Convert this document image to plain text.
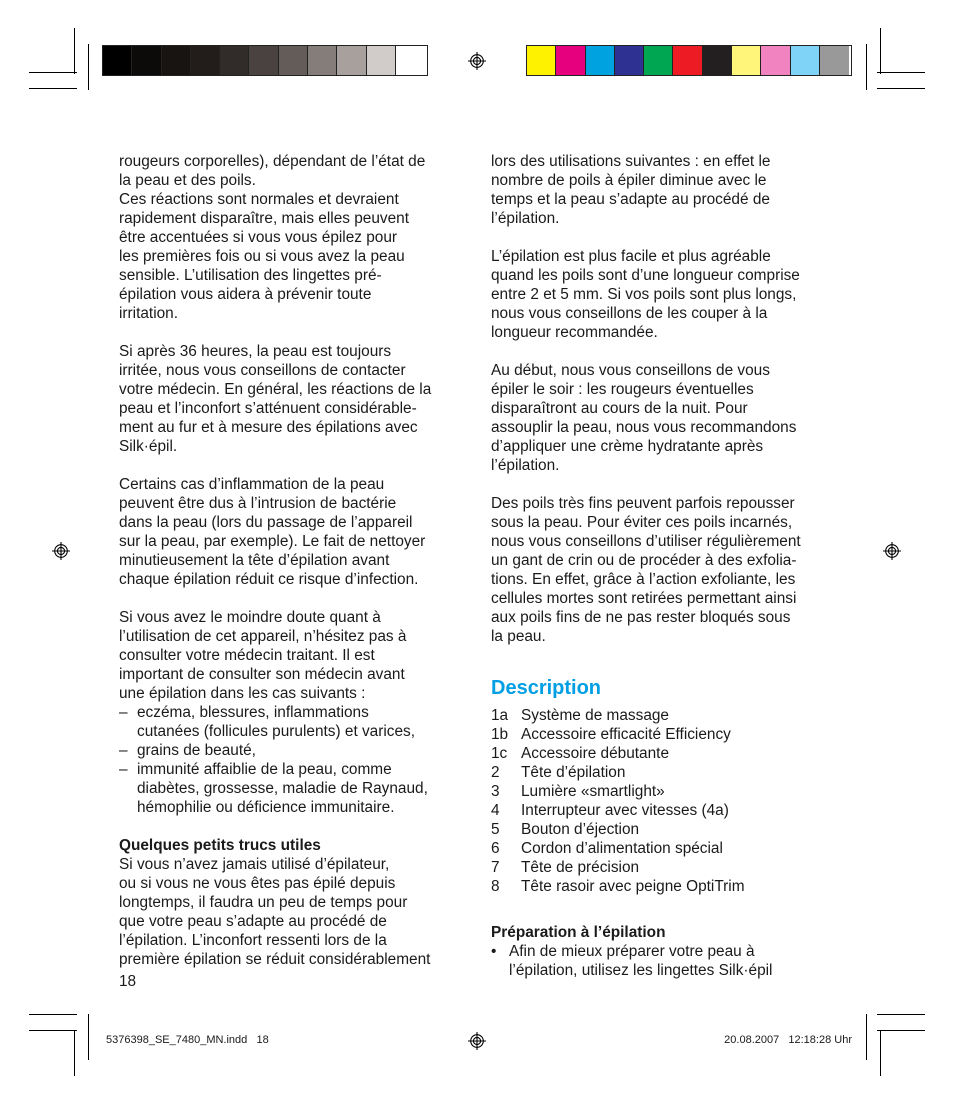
rougeurs corporelles), dépendant de l’état de
la peau et des poils.
Ces réactions sont normales et devraient
rapidement disparaître, mais elles peuvent
être accentuées si vous vous épilez pour
les premières fois ou si vous avez la peau
sensible. L’utilisation des lingettes pré-
épilation vous aidera à prévenir toute
irritation.

Si après 36 heures, la peau est toujours
irritée, nous vous conseillons de contacter
votre médecin. En général, les réactions de la
peau et l’inconfort s’atténuent considérable-
ment au fur et à mesure des épilations avec
Silk·épil.

Certains cas d’inflammation de la peau
peuvent être dus à l’intrusion de bactérie
dans la peau (lors du passage de l’appareil
sur la peau, par exemple). Le fait de nettoyer
minutieusement la tête d’épilation avant
chaque épilation réduit ce risque d’infection.

Si vous avez le moindre doute quant à
l’utilisation de cet appareil, n’hésitez pas à
consulter votre médecin traitant. Il est
important de consulter son médecin avant
une épilation dans les cas suivants :

– eczéma, blessures, inflammations
cutanées (follicules purulents) et varices,
– grains de beauté,
– immunité affaiblie de la peau, comme
diabètes, grossesse, maladie de Raynaud,
hémophilie ou déficience immunitaire.

Quelques petits trucs utiles

Si vous n’avez jamais utilisé d’épilateur,
ou si vous ne vous êtes pas épilé depuis
longtemps, il faudra un peu de temps pour
que votre peau s’adapte au procédé de
l’épilation. L’inconfort ressenti lors de la
première épilation se réduit considérablement

lors des utilisations suivantes : en effet le
nombre de poils à épiler diminue avec le
temps et la peau s’adapte au procédé de
l’épilation.

L’épilation est plus facile et plus agréable
quand les poils sont d’une longueur comprise
entre 2 et 5 mm. Si vos poils sont plus longs,
nous vous conseillons de les couper à la
longueur recommandée.

Au début, nous vous conseillons de vous
épiler le soir : les rougeurs éventuelles
disparaîtront au cours de la nuit. Pour
assouplir la peau, nous vous recommandons
d’appliquer une crème hydratante après
l’épilation.

Des poils très fins peuvent parfois repousser
sous la peau. Pour éviter ces poils incarnés,
nous vous conseillons d’utiliser régulièrement
un gant de crin ou de procéder à des exfolia-
tions. En effet, grâce à l’action exfoliante, les
cellules mortes sont retirées permettant ainsi
aux poils fins de ne pas rester bloqués sous
la peau.

Description
1a Système de massage
1b Accessoire efficacité Efficiency
1c Accessoire débutante
2	Tête d’épilation
3	Lumière «smartlight»
4	Interrupteur avec vitesses (4a)
5	Bouton d’éjection
6	Cordon d’alimentation spécial
7	Tête de précision
8	Tête rasoir avec peigne OptiTrim

Préparation à l’épilation

• Afin de mieux préparer votre peau à
l’épilation, utilisez les lingettes Silk·épil
18
5376398_SE_7480_MN.indd   18	20.08.2007   12:18:28 Uhr
